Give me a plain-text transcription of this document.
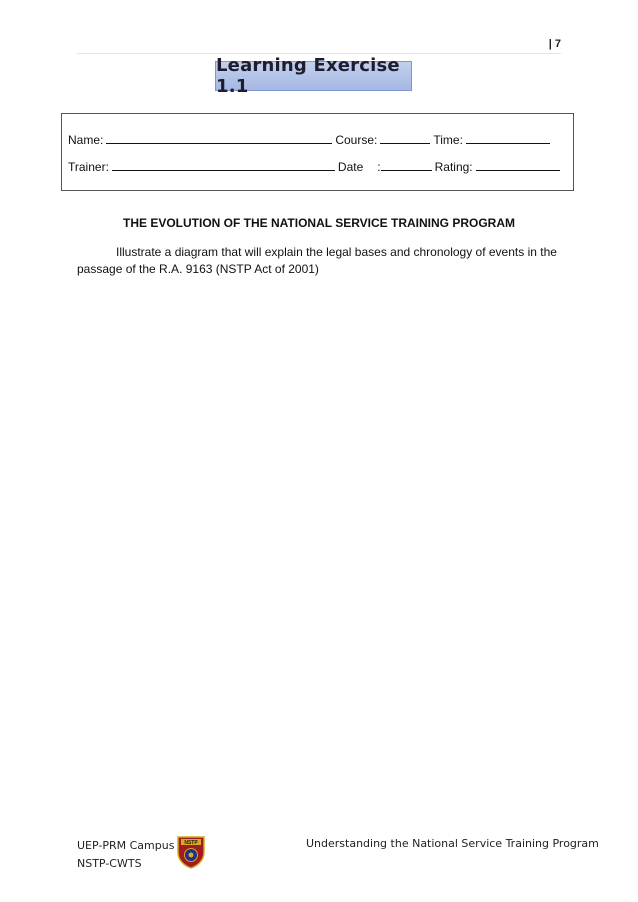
| 7
Learning Exercise 1.1
Name:	Course:	Time:
Trainer:	Date :	Rating:
THE EVOLUTION OF THE NATIONAL SERVICE TRAINING PROGRAM

Illustrate a diagram that will explain the legal bases and chronology of events in the passage of the R.A. 9163 (NSTP Act of 2001)

UEP-PRM Campus
NSTP-CWTS
NSTP	Understanding the National Service Training Program
